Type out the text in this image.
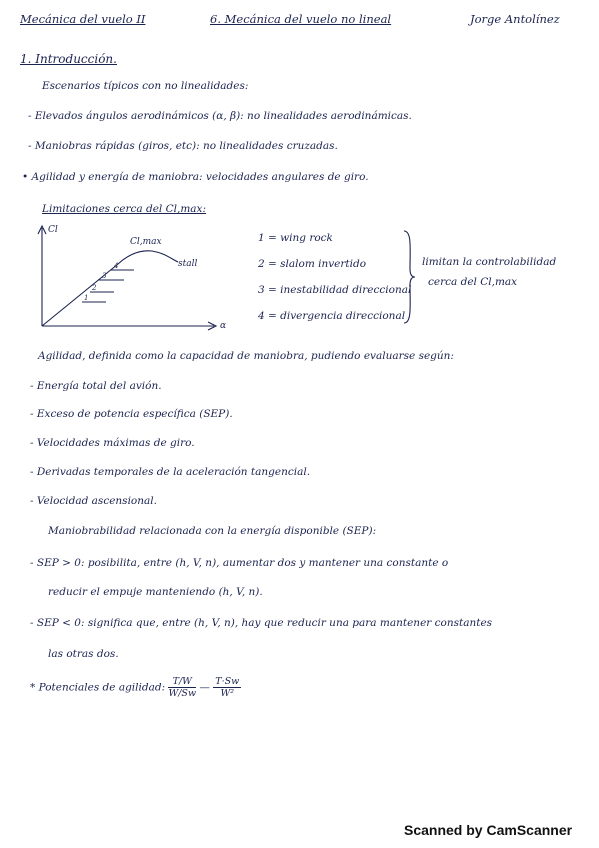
Mecánica del vuelo II	6. Mecánica del vuelo no lineal	Jorge Antolínez
1. Introducción.
Escenarios típicos con no linealidades:
- Elevados ángulos aerodinámicos (α, β): no linealidades aerodinámicas.
- Maniobras rápidas (giros, etc): no linealidades cruzadas.
• Agilidad y energía de maniobra: velocidades angulares de giro.
Limitaciones cerca del Cl,max:
Cl
α
Cl,max
stall
1
2
3
4
1 = wing rock
2 = slalom invertido
3 = inestabilidad direccional
4 = divergencia direccional
limitan la controlabilidad
cerca del Cl,max
Agilidad, definida como la capacidad de maniobra, pudiendo evaluarse según:
- Energía total del avión.
- Exceso de potencia específica (SEP).
- Velocidades máximas de giro.
- Derivadas temporales de la aceleración tangencial.
- Velocidad ascensional.
Maniobrabilidad relacionada con la energía disponible (SEP):
- SEP > 0: posibilita, entre (h, V, n), aumentar dos y mantener una constante o
reducir el empuje manteniendo (h, V, n).
- SEP < 0: significa que, entre (h, V, n), hay que reducir una para mantener constantes
las otras dos.
* Potenciales de agilidad: $\frac{T/W}{W/Sw}$ — $\frac{T\cdot Sw}{\text{W²}}$
Scanned by CamScanner
